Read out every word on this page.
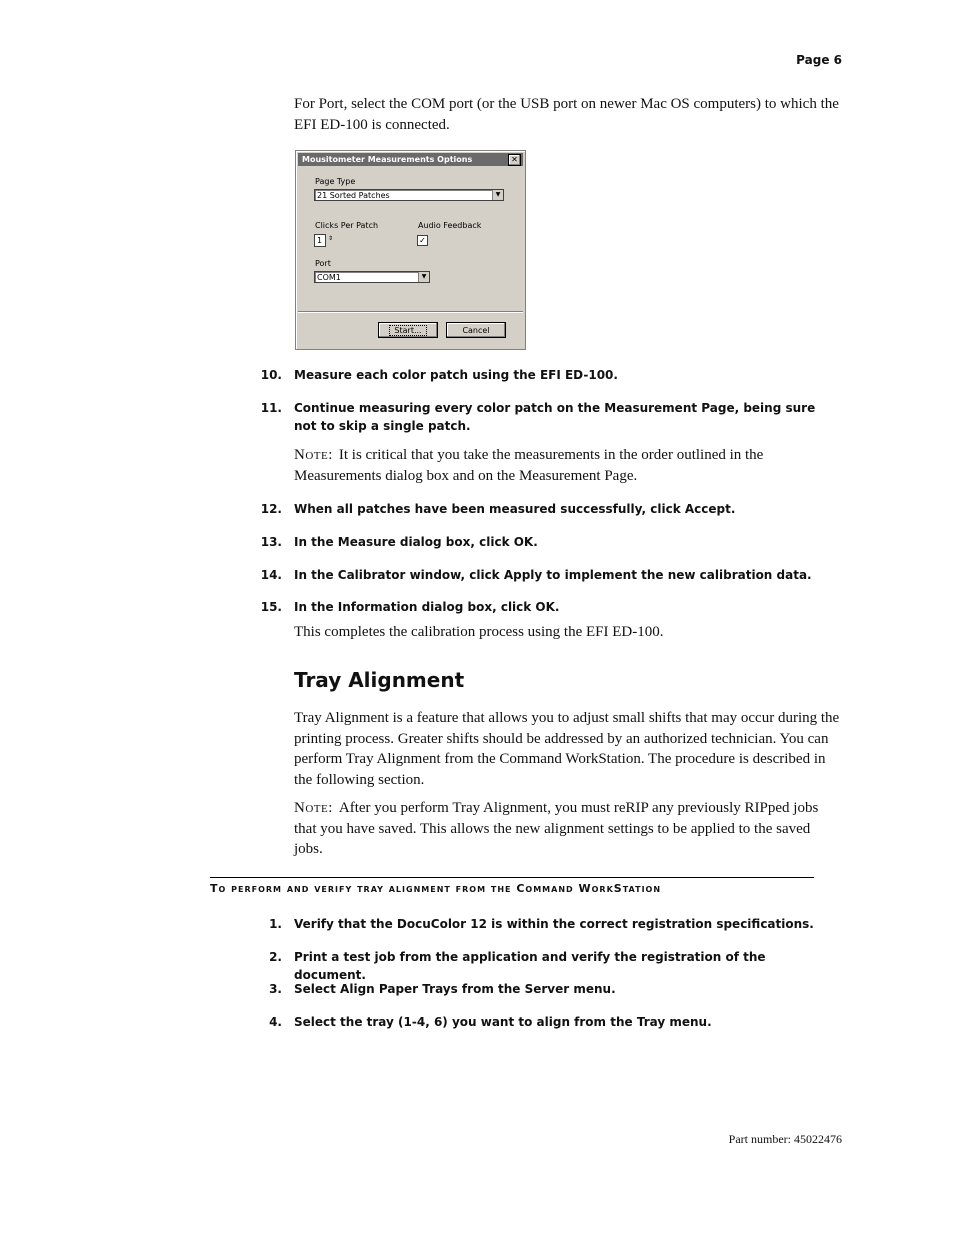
Page 6
For Port, select the COM port (or the USB port on newer Mac OS computers) to which the EFI ED-100 is connected.
Mousitometer Measurements Options	✕
Page Type
21 Sorted Patches	▼
Clicks Per Patch
1 ⇕
Audio Feedback
✓
Port
COM1	▼
Start...	Cancel
10. Measure each color patch using the EFI ED-100.
11. Continue measuring every color patch on the Measurement Page, being sure not to skip a single patch.
Note: It is critical that you take the measurements in the order outlined in the Measurements dialog box and on the Measurement Page.
12. When all patches have been measured successfully, click Accept.
13. In the Measure dialog box, click OK.
14. In the Calibrator window, click Apply to implement the new calibration data.
15. In the Information dialog box, click OK.
This completes the calibration process using the EFI ED-100.
Tray Alignment
Tray Alignment is a feature that allows you to adjust small shifts that may occur during the printing process. Greater shifts should be addressed by an authorized technician. You can perform Tray Alignment from the Command WorkStation. The procedure is described in the following section.
Note: After you perform Tray Alignment, you must reRIP any previously RIPped jobs that you have saved. This allows the new alignment settings to be applied to the saved jobs.
To perform and verify tray alignment from the Command WorkStation
1. Verify that the DocuColor 12 is within the correct registration specifications.
2. Print a test job from the application and verify the registration of the document.
3. Select Align Paper Trays from the Server menu.
4. Select the tray (1-4, 6) you want to align from the Tray menu.
Part number: 45022476
